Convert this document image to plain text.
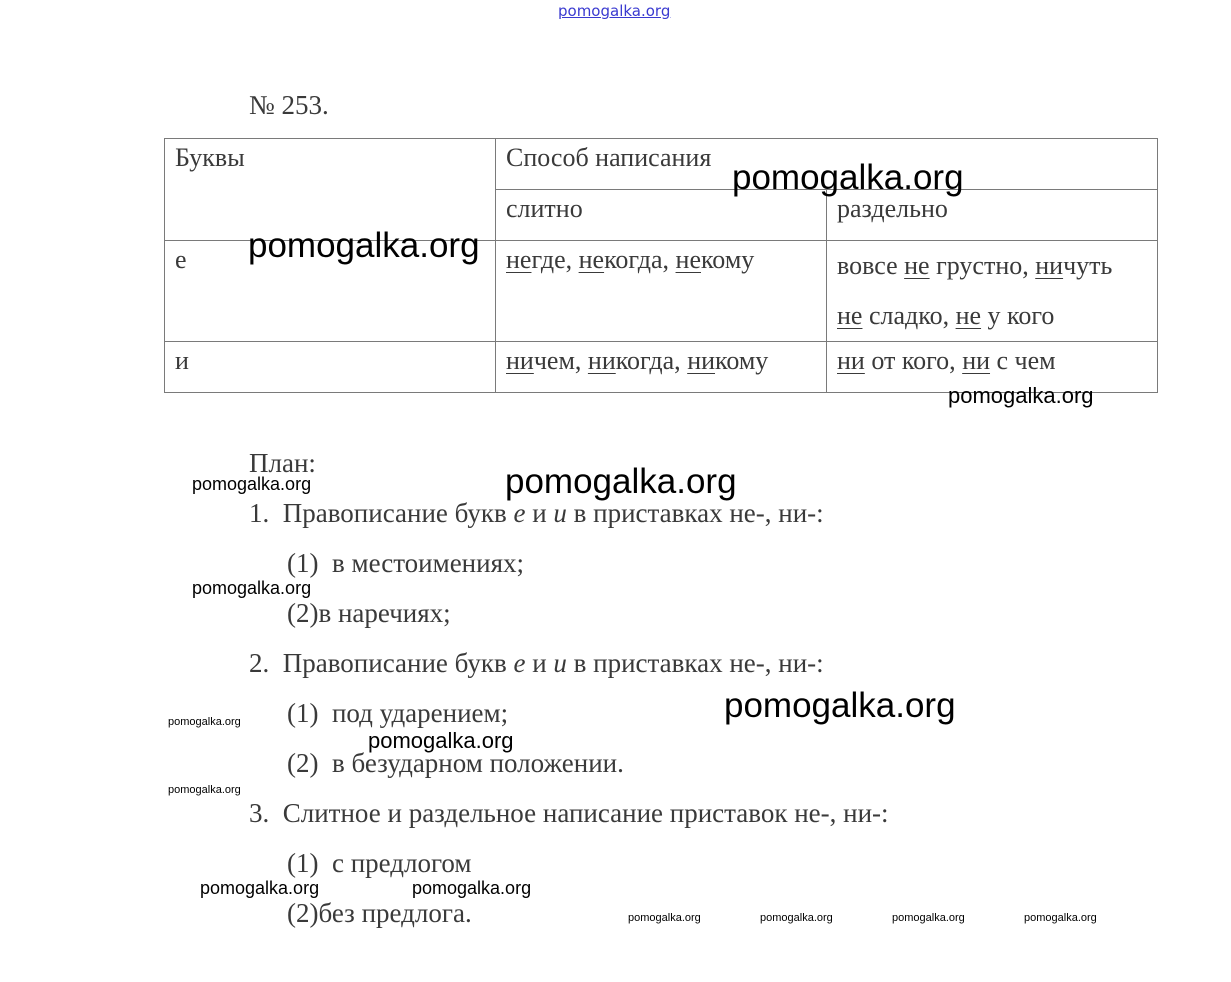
pomogalka.org
№ 253.
Буквы	Способ написания	
	слитно	раздельно
е	негде, некогда, некому	вовсе не грустно, ничуть
не сладко, не у кого
и	ничем, никогда, никому	ни от кого, ни с чем
План:
1. Правописание букв е и и в приставках не-, ни-:
(1) в местоимениях;
(2)в наречиях;
2. Правописание букв е и и в приставках не-, ни-:
(1) под ударением;
(2) в безударном положении.
3. Слитное и раздельное написание приставок не-, ни-:
(1) с предлогом
(2)без предлога.
pomogalka.org
pomogalka.org
pomogalka.org
pomogalka.org
pomogalka.org
pomogalka.org
pomogalka.org
pomogalka.org
pomogalka.org
pomogalka.org
pomogalka.org	pomogalka.org
pomogalka.org	pomogalka.org	pomogalka.org	pomogalka.org
